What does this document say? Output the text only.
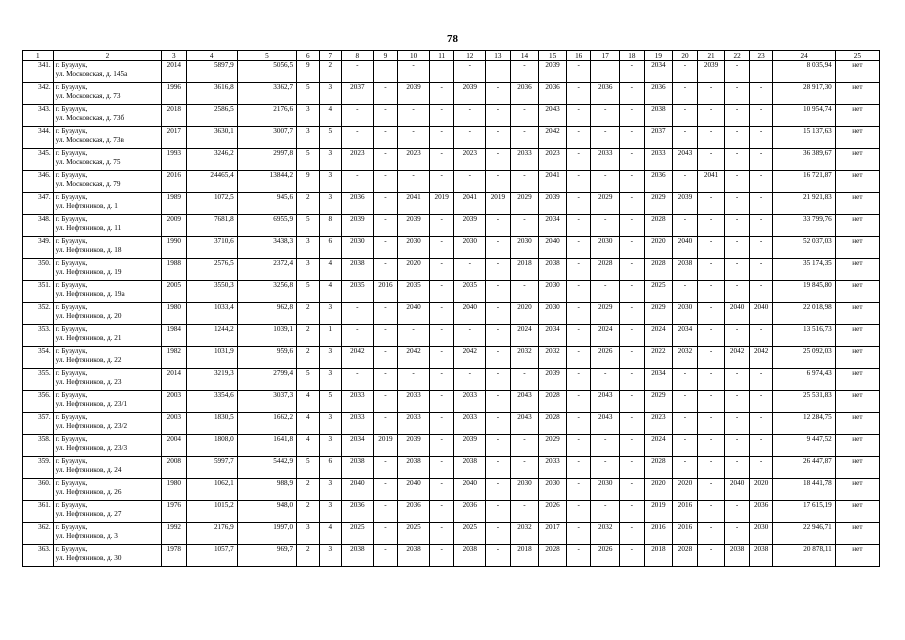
78
1	2	3	4	5	6	7	8	9	10	11	12	13	14	15	16	17	18	19	20	21	22	23	24	25
341.	г. Бузулук,
ул. Московская, д. 145а	2014	5897,9	5056,5	9	2	-		-		-		-	2039	-		-	2034	-	2039	-		8 035,94	нет
342.	г. Бузулук,
ул. Московская, д. 73	1996	3616,8	3362,7	5	3	2037	-	2039	-	2039	-	2036	2036	-	2036	-	2036	-	-	-	-	28 917,30	нет
343.	г. Бузулук,
ул. Московская, д. 73б	2018	2586,5	2176,6	3	4	-	-	-	-	-	-	-	2043	-	-	-	2038	-	-	-	-	10 954,74	нет
344.	г. Бузулук,
ул. Московская, д. 73в	2017	3630,1	3007,7	3	5	-	-	-	-	-	-	-	2042	-	-	-	2037	-	-	-	-	15 137,63	нет
345.	г. Бузулук,
ул. Московская, д. 75	1993	3246,2	2997,8	5	3	2023	-	2023	-	2023	-	2033	2023	-	2033	-	2033	2043	-	-	-	36 389,67	нет
346.	г. Бузулук,
ул. Московская, д. 79	2016	24465,4	13844,2	9	3	-	-	-	-	-	-	-	2041	-	-	-	2036	-	2041	-	-	16 721,87	нет
347.	г. Бузулук,
ул. Нефтяников, д. 1	1989	1072,5	945,6	2	3	2036	-	2041	2019	2041	2019	2029	2039	-	2029	-	2029	2039	-	-	-	21 921,83	нет
348.	г. Бузулук,
ул. Нефтяников, д. 11	2009	7681,8	6955,9	5	8	2039	-	2039	-	2039	-	-	2034	-	-	-	2028	-	-	-	-	33 799,76	нет
349.	г. Бузулук,
ул. Нефтяников, д. 18	1990	3710,6	3438,3	3	6	2030	-	2030	-	2030	-	2030	2040	-	2030	-	2020	2040	-	-	-	52 037,03	нет
350.	г. Бузулук,
ул. Нефтяников, д. 19	1988	2576,5	2372,4	3	4	2038	-	2020	-	-	-	2018	2038	-	2028	-	2028	2038	-	-	-	35 174,35	нет
351.	г. Бузулук,
ул. Нефтяников, д. 19а	2005	3550,3	3256,8	5	4	2035	2016	2035	-	2035	-	-	2030	-	-	-	2025	-	-	-	-	19 845,80	нет
352.	г. Бузулук,
ул. Нефтяников, д. 20	1980	1033,4	962,8	2	3	-	-	2040	-	2040	-	2020	2030	-	2029	-	2029	2030	-	2040	2040	22 018,98	нет
353.	г. Бузулук,
ул. Нефтяников, д. 21	1984	1244,2	1039,1	2	1	-	-	-	-	-	-	2024	2034	-	2024	-	2024	2034	-	-	-	13 516,73	нет
354.	г. Бузулук,
ул. Нефтяников, д. 22	1982	1031,9	959,6	2	3	2042	-	2042	-	2042	-	2032	2032	-	2026	-	2022	2032	-	2042	2042	25 092,03	нет
355.	г. Бузулук,
ул. Нефтяников, д. 23	2014	3219,3	2799,4	5	3	-	-	-	-	-	-	-	2039	-	-	-	2034	-	-	-	-	6 974,43	нет
356.	г. Бузулук,
ул. Нефтяников, д. 23/1	2003	3354,6	3037,3	4	5	2033	-	2033	-	2033	-	2043	2028	-	2043	-	2029	-	-	-	-	25 531,83	нет
357.	г. Бузулук,
ул. Нефтяников, д. 23/2	2003	1830,5	1662,2	4	3	2033	-	2033	-	2033	-	2043	2028	-	2043	-	2023	-	-	-	-	12 284,75	нет
358.	г. Бузулук,
ул. Нефтяников, д. 23/3	2004	1808,0	1641,8	4	3	2034	2019	2039	-	2039	-	-	2029	-	-	-	2024	-	-	-	-	9 447,52	нет
359.	г. Бузулук,
ул. Нефтяников, д. 24	2008	5997,7	5442,9	5	6	2038	-	2038	-	2038	-	-	2033	-	-	-	2028	-	-	-	-	26 447,87	нет
360.	г. Бузулук,
ул. Нефтяников, д. 26	1980	1062,1	988,9	2	3	2040	-	2040	-	2040	-	2030	2030	-	2030	-	2020	2020	-	2040	2020	18 441,78	нет
361.	г. Бузулук,
ул. Нефтяников, д. 27	1976	1015,2	948,0	2	3	2036	-	2036	-	2036	-	-	2026	-	-	-	2019	2016	-	-	2036	17 615,19	нет
362.	г. Бузулук,
ул. Нефтяников, д. 3	1992	2176,9	1997,0	3	4	2025	-	2025	-	2025	-	2032	2017	-	2032	-	2016	2016	-	-	2030	22 946,71	нет
363.	г. Бузулук,
ул. Нефтяников, д. 30	1978	1057,7	969,7	2	3	2038	-	2038	-	2038	-	2018	2028	-	2026	-	2018	2028	-	2038	2038	20 878,11	нет
